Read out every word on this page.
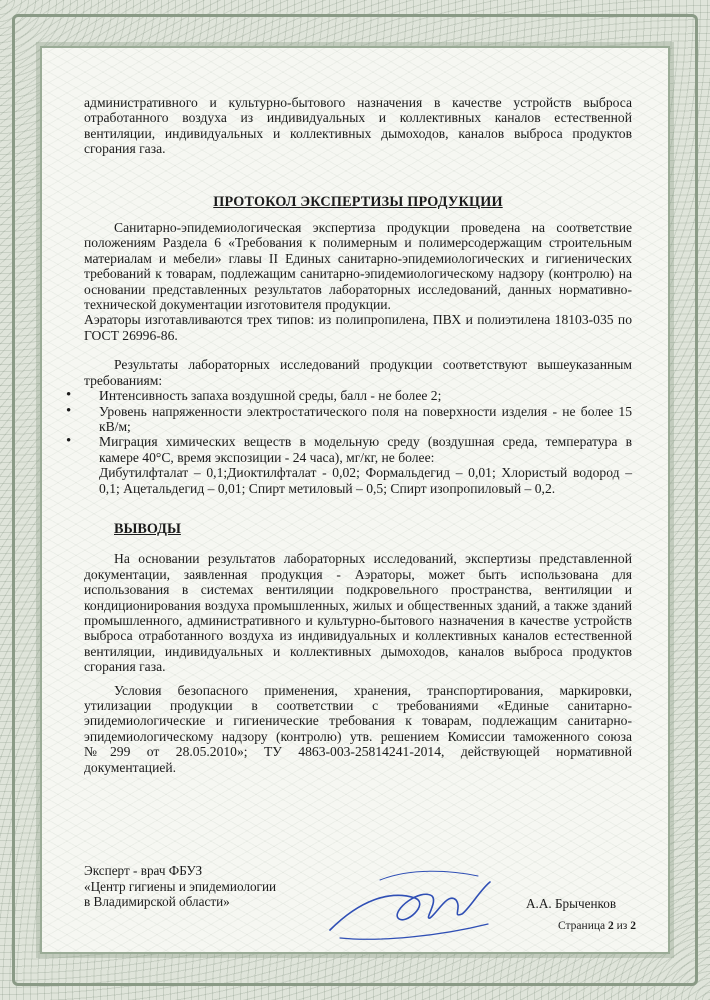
административного и культурно-бытового назначения в качестве устройств выброса отработанного воздуха из индивидуальных и коллективных каналов естественной вентиляции, индивидуальных и коллективных дымоходов, каналов выброса продуктов сгорания газа.

ПРОТОКОЛ ЭКСПЕРТИЗЫ ПРОДУКЦИИ

Санитарно-эпидемиологическая экспертиза продукции проведена на соответствие положениям Раздела 6 «Требования к полимерным и полимерсодержащим строительным материалам и мебели» главы II Единых санитарно-эпидемиологических и гигиенических требований к товарам, подлежащим санитарно-эпидемиологическому надзору (контролю) на основании представленных результатов лабораторных исследований, данных нормативно-технической документации изготовителя продукции.

Аэраторы изготавливаются трех типов: из полипропилена, ПВХ и полиэтилена 18103-035 по ГОСТ 26996-86.

Результаты лабораторных исследований продукции соответствуют вышеуказанным требованиям:

• Интенсивность запаха воздушной среды, балл - не более 2;
• Уровень напряженности электростатического поля на поверхности изделия - не более 15 кВ/м;
• Миграция химических веществ в модельную среду (воздушная среда, температура в камере 40°С, время экспозиции - 24 часа), мг/кг, не более:

Дибутилфталат – 0,1;Диоктилфталат - 0,02; Формальдегид – 0,01; Хлористый водород – 0,1; Ацетальдегид – 0,01; Спирт метиловый – 0,5; Спирт изопропиловый – 0,2.

ВЫВОДЫ

На основании результатов лабораторных исследований, экспертизы представленной документации, заявленная продукция - Аэраторы, может быть использована для использования в системах вентиляции подкровельного пространства, вентиляции и кондиционирования воздуха промышленных, жилых и общественных зданий, а также зданий промышленного, административного и культурно-бытового назначения в качестве устройств выброса отработанного воздуха из индивидуальных и коллективных каналов естественной вентиляции, индивидуальных и коллективных дымоходов, каналов выброса продуктов сгорания газа.

Условия безопасного применения, хранения, транспортирования, маркировки, утилизации продукции в соответствии с требованиями «Единые санитарно-эпидемиологические и гигиенические требования к товарам, подлежащим санитарно-эпидемиологическому надзору (контролю) утв. решением Комиссии таможенного союза №299 от 28.05.2010»; ТУ 4863-003-25814241-2014, действующей нормативной документацией.

Эксперт - врач ФБУЗ
«Центр гигиены и эпидемиологии
в Владимирской области»	А.А. Брыченков
Страница 2 из 2
